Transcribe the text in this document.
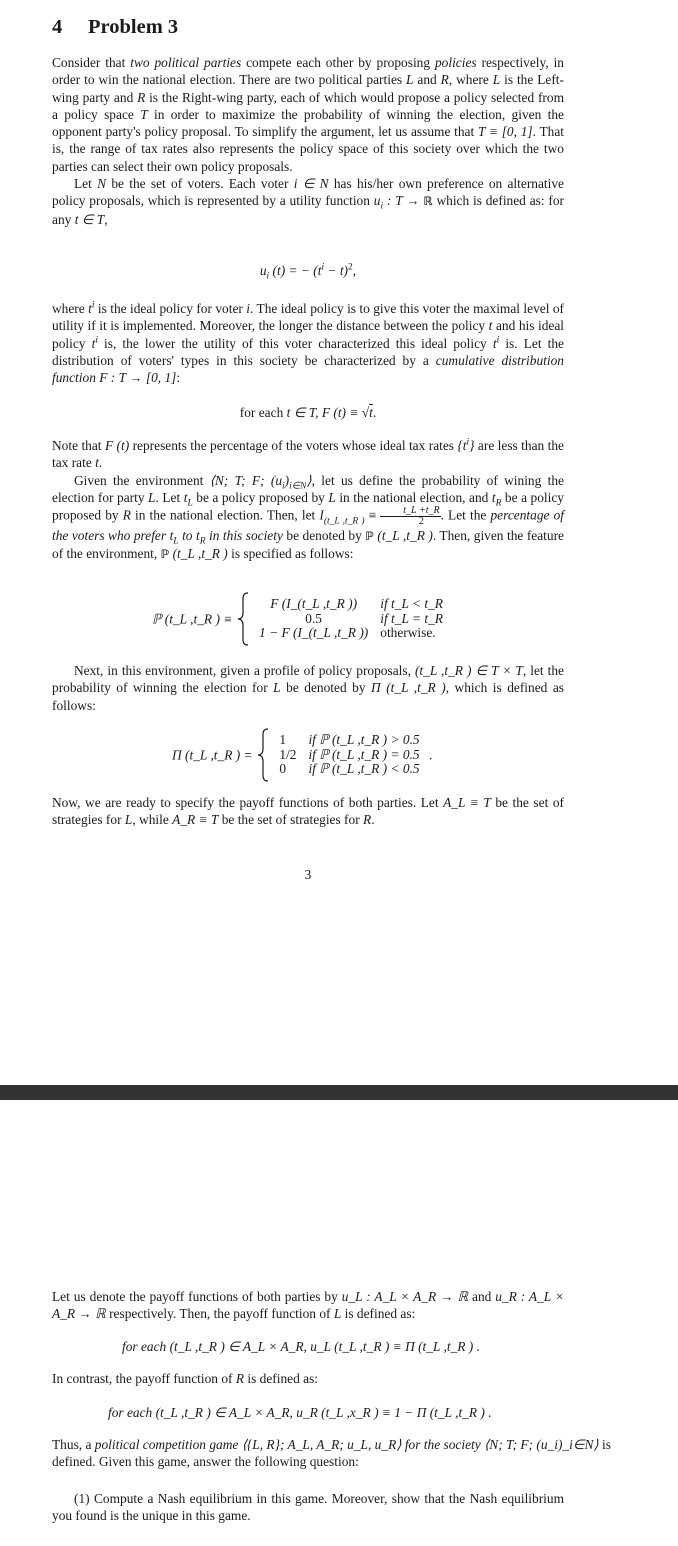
4 Problem 3

Consider that two political parties compete each other by proposing policies respectively, in order to win the national election. There are two political parties L and R, where L is the Left-wing party and R is the Right-wing party, each of which would propose a policy selected from a policy space T in order to maximize the probability of winning the election, given the opponent party's policy proposal. To simplify the argument, let us assume that T ≡ [0, 1]. That is, the range of tax rates also represents the policy space of this society over which the two parties can select their own policy proposals.

Let N be the set of voters. Each voter i ∈ N has his/her own preference on alternative policy proposals, which is represented by a utility function $u_i$ : T → ℝ which is defined as: for any t ∈ T,

$u_i$ (t) = − $(t^i - t)^2$,

where $t^i$ is the ideal policy for voter i. The ideal policy is to give this voter the maximal level of utility if it is implemented. Moreover, the longer the distance between the policy t and his ideal policy $t^i$ is, the lower the utility of this voter characterized this ideal policy $t^i$ is. Let the distribution of voters' types in this society be characterized by a cumulative distribution function F : T → [0, 1]:

for each t ∈ T, F (t) ≡ √t.

Note that F (t) represents the percentage of the voters whose ideal tax rates $\{t^i\}$ are less than the tax rate t.

Given the environment ⟨N; T; F; $(u_i)_{i\in N}⟩$, let us define the probability of wining the election for party L. Let $t_L$ be a policy proposed by L in the national election, and $t_R$ be a policy proposed by R in the national election. Then, let $I_{(t\_L ,t\_R )} \equiv \frac{t\_L +t\_R}{2}$ . Let the percentage of the voters who prefer $t_L$ to $t_R$ in this society be denoted by ℙ (t_L ,t_R ). Then, given the feature of the environment, ℙ (t_L ,t_R ) is specified as follows:

ℙ (t_L ,t_R ) ≡  F (I_(t_L ,t_R ))	if t_L < t_R
0.5	if t_L = t_R
1 − F (I_(t_L ,t_R ))	otherwise.

Next, in this environment, given a profile of policy proposals, (t_L ,t_R ) ∈ T × T, let the probability of winning the election for L be denoted by Π (t_L ,t_R ), which is defined as follows:

Π (t_L ,t_R ) =  1	if ℙ (t_L ,t_R ) > 0.5
1/2	if ℙ (t_L ,t_R ) = 0.5
0	if ℙ (t_L ,t_R ) < 0.5 .

Now, we are ready to specify the payoff functions of both parties. Let A_L ≡ T be the set of strategies for L, while A_R ≡ T be the set of strategies for R.

3

Let us denote the payoff functions of both parties by u_L : A_L × A_R → ℝ and u_R : A_L × A_R → ℝ respectively. Then, the payoff function of L is defined as:

for each (t_L ,t_R ) ∈ A_L × A_R, u_L (t_L ,t_R ) ≡ Π (t_L ,t_R ) .

In contrast, the payoff function of R is defined as:

for each (t_L ,t_R ) ∈ A_L × A_R, u_R (t_L ,x_R ) ≡ 1 − Π (t_L ,t_R ) .

Thus, a political competition game ⟨{L, R}; A_L, A_R; u_L, u_R⟩ for the society ⟨N; T; F; (u_i)_i∈N⟩ is defined. Given this game, answer the following question:

(1) Compute a Nash equilibrium in this game. Moreover, show that the Nash equilibrium you found is the unique in this game.
